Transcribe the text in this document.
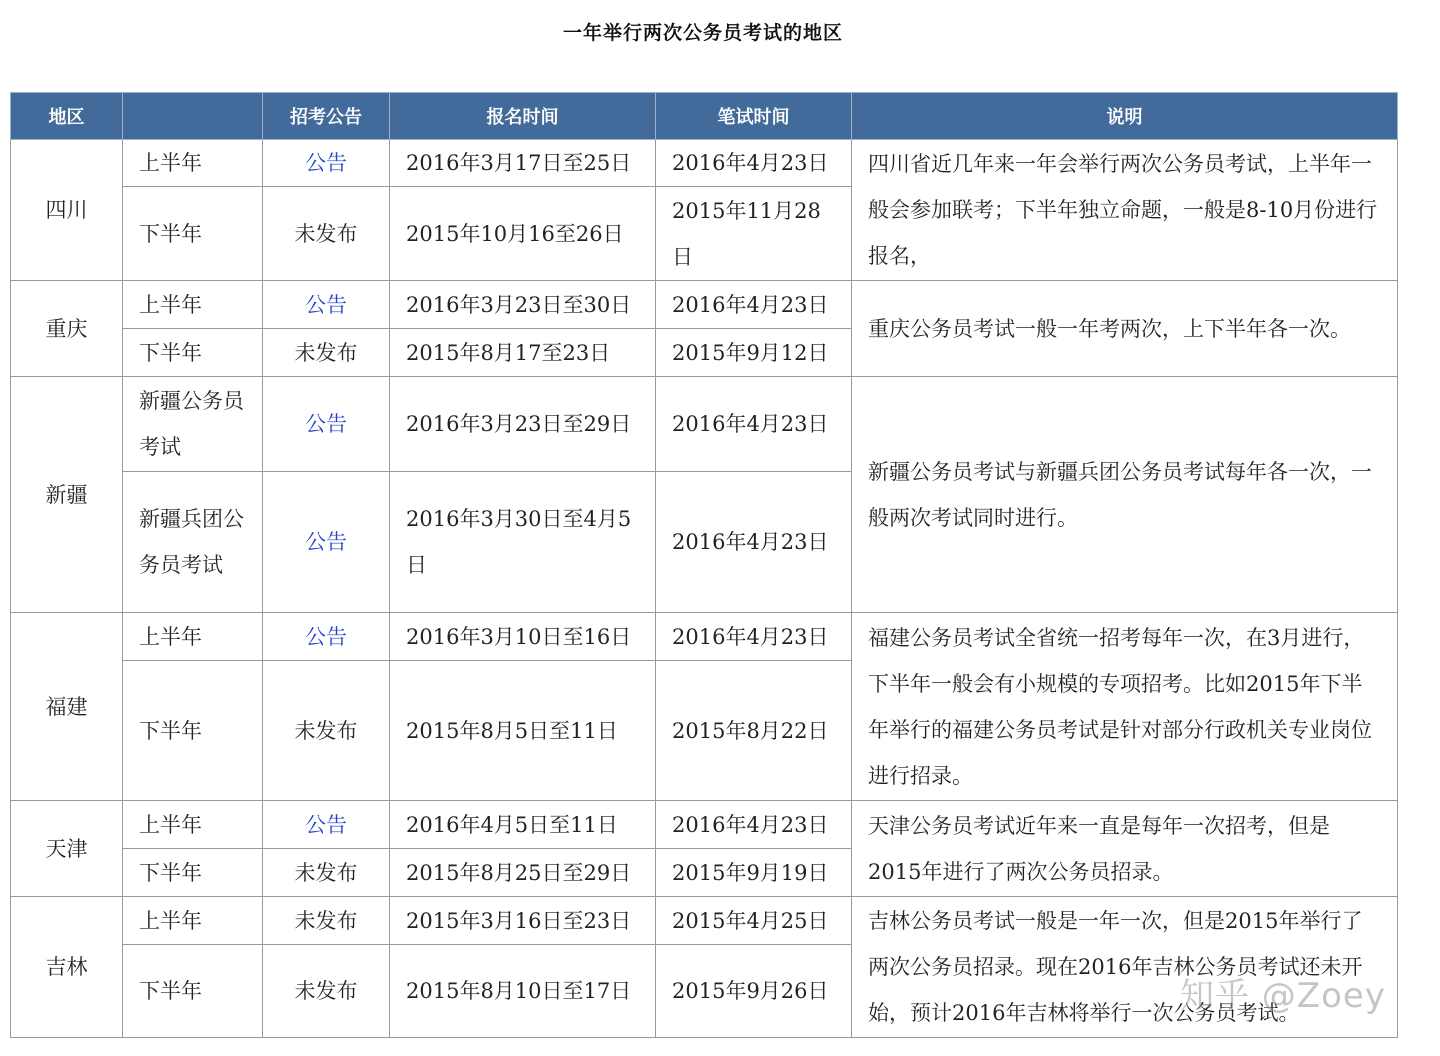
一年举行两次公务员考试的地区
地区		招考公告	报名时间	笔试时间	说明
四川	上半年	公告	2016年3月17日至25日	2016年4月23日	四川省近几年来一年会举行两次公务员考试，上半年一般会参加联考；下半年独立命题，一般是8-10月份进行报名，
	下半年	未发布	2015年10月16至26日	2015年11月28日	
重庆	上半年	公告	2016年3月23日至30日	2016年4月23日	重庆公务员考试一般一年考两次，上下半年各一次。
	下半年	未发布	2015年8月17至23日	2015年9月12日	
新疆	新疆公务员考试	公告	2016年3月23日至29日	2016年4月23日	新疆公务员考试与新疆兵团公务员考试每年各一次，一般两次考试同时进行。
	新疆兵团公务员考试	公告	2016年3月30日至4月5日	2016年4月23日	
福建	上半年	公告	2016年3月10日至16日	2016年4月23日	福建公务员考试全省统一招考每年一次，在3月进行，下半年一般会有小规模的专项招考。比如2015年下半年举行的福建公务员考试是针对部分行政机关专业岗位进行招录。
	下半年	未发布	2015年8月5日至11日	2015年8月22日	
天津	上半年	公告	2016年4月5日至11日	2016年4月23日	天津公务员考试近年来一直是每年一次招考，但是2015年进行了两次公务员招录。
	下半年	未发布	2015年8月25日至29日	2015年9月19日	
吉林	上半年	未发布	2015年3月16日至23日	2015年4月25日	吉林公务员考试一般是一年一次，但是2015年举行了两次公务员招录。现在2016年吉林公务员考试还未开始，预计2016年吉林将举行一次公务员考试。
	下半年	未发布	2015年8月10日至17日	2015年9月26日		知乎 @Zoey
